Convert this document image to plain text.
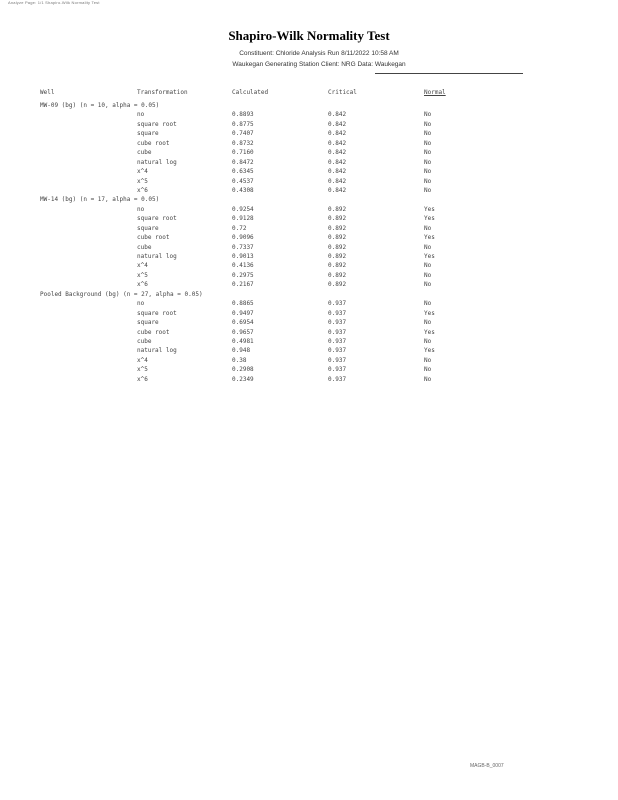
Analyze Page: 1/1 Shapiro-Wilk Normality Test
Shapiro-Wilk Normality Test
Constituent: Chloride Analysis Run 8/11/2022 10:58 AM
Waukegan Generating Station Client: NRG Data: Waukegan
Well	Transformation	Calculated	Critical	Normal
MW-09 (bg) (n = 10, alpha = 0.05)
no	0.8893	0.842	No
square root	0.8775	0.842	No
square	0.7407	0.842	No
cube root	0.8732	0.842	No
cube	0.7160	0.842	No
natural log	0.8472	0.842	No
x^4	0.6345	0.842	No
x^5	0.4537	0.842	No
x^6	0.4308	0.842	No
MW-14 (bg) (n = 17, alpha = 0.05)
no	0.9254	0.892	Yes
square root	0.9128	0.892	Yes
square	0.72	0.892	No
cube root	0.9096	0.892	Yes
cube	0.7337	0.892	No
natural log	0.9013	0.892	Yes
x^4	0.4136	0.892	No
x^5	0.2975	0.892	No
x^6	0.2167	0.892	No
Pooled Background (bg) (n = 27, alpha = 0.05)
no	0.8865	0.937	No
square root	0.9497	0.937	Yes
square	0.6954	0.937	No
cube root	0.9657	0.937	Yes
cube	0.4981	0.937	No
natural log	0.948	0.937	Yes
x^4	0.38	0.937	No
x^5	0.2908	0.937	No
x^6	0.2349	0.937	No
MAGB-B_0007
